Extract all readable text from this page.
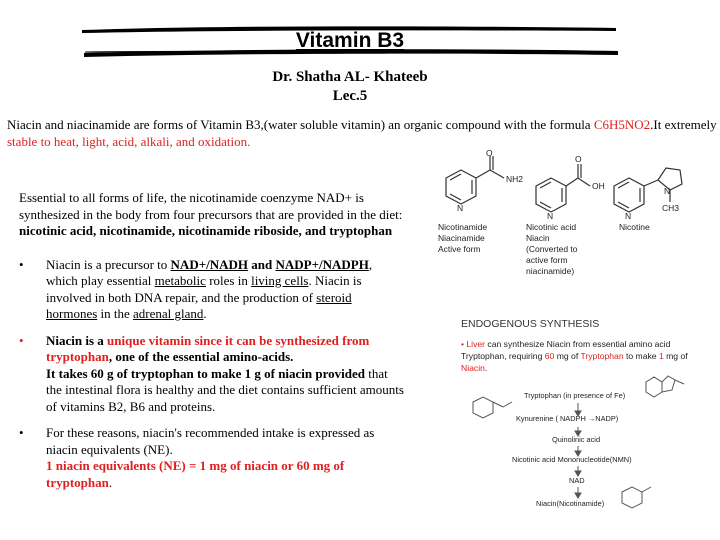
Vitamin B3
Dr. Shatha AL- Khateeb
Lec.5
Niacin and niacinamide are forms of Vitamin B3,(water soluble vitamin) an organic compound with the formula C6H5NO2.It extremely stable to heat, light, acid, alkali, and oxidation.

Essential to all forms of life, the nicotinamide coenzyme NAD+ is synthesized in the body from four precursors that are provided in the diet: nicotinic acid, nicotinamide, nicotinamide riboside, and tryptophan

• Niacin is a precursor to NAD+/NADH and NADP+/NADPH, which play essential metabolic roles in living cells. Niacin is involved in both DNA repair, and the production of steroid hormones in the adrenal gland.
• Niacin is a unique vitamin since it can be synthesized from tryptophan, one of the essential amino-acids.
It takes 60 g of tryptophan to make 1 g of niacin provided that the intestinal flora is healthy and the diet contains sufficient amounts of vitamins B2, B6 and proteins.
• For these reasons, niacin's recommended intake is expressed as niacin equivalents (NE).
1 niacin equivalents (NE) = 1 mg of niacin or 60 mg of tryptophan.
NH2
O
N
O
OH
N	N
N
CH3
Nicotinamide
Niacinamide
Active form
Nicotinic acid
Niacin
(Converted to
active form
niacinamide)
Nicotine
ENDOGENOUS SYNTHESIS
• Liver can synthesize Niacin from essential amino acid Tryptophan, requiring 60 mg of Tryptophan to make 1 mg of Niacin.
Tryptophan (in presence of Fe)
Kynurenine ( NADPH →NADP)
Quinolinic acid
Nicotinic acid Mononucleotide(NMN)
NAD
Niacin(Nicotinamide)
